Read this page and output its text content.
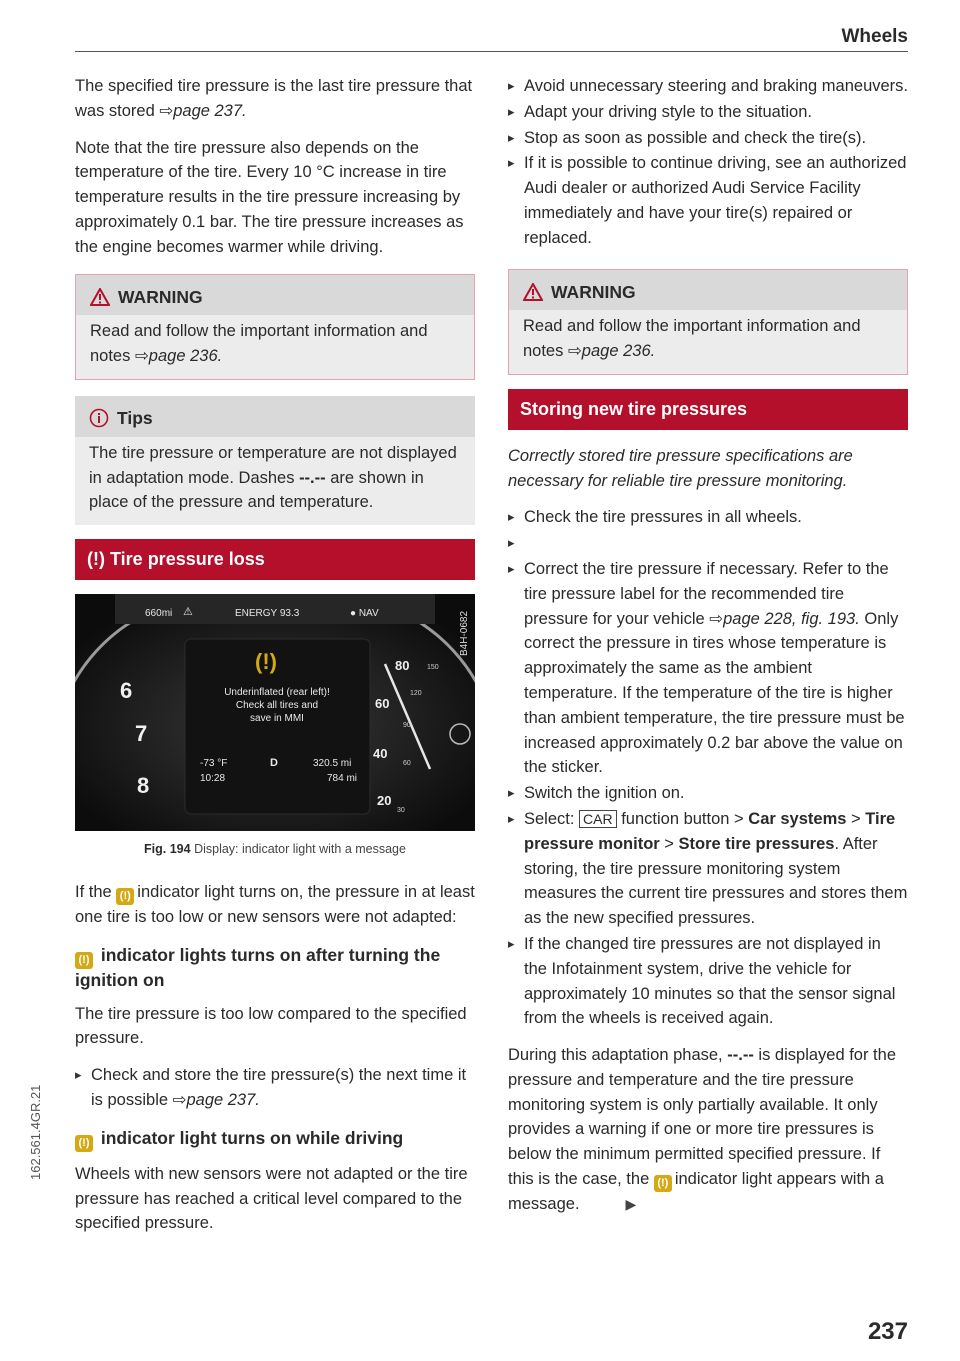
Wheels
162.561.4GR.21
237

The specified tire pressure is the last tire pressure that was stored ⇨page 237.

Note that the tire pressure also depends on the temperature of the tire. Every 10 °C increase in tire temperature results in the tire pressure increasing by approximately 0.1 bar. The tire pressure increases as the engine becomes warmer while driving.

WARNING
Read and follow the important information and notes ⇨page 236.
Tips
The tire pressure or temperature are not displayed in adaptation mode. Dashes --.-- are shown in place of the pressure and temperature.
(!) Tire pressure loss
660mi ⚠	ENERGY 93.3	● NAV
(!)
Underinflated (rear left)!
Check all tires and
save in MMI
-73 °F	D	320.5 mi
10:28	784 mi
6
7
8
80
60
40
20
150
120
90
60
30
B4H-0682
Fig. 194 Display: indicator light with a message

If the (!) indicator light turns on, the pressure in at least one tire is too low or new sensors were not adapted:

(!) indicator lights turns on after turning the ignition on

The tire pressure is too low compared to the specified pressure.

▸ Check and store the tire pressure(s) the next time it is possible ⇨page 237.
(!) indicator light turns on while driving

Wheels with new sensors were not adapted or the tire pressure has reached a critical level compared to the specified pressure.

▸ Avoid unnecessary steering and braking maneuvers.
▸ Adapt your driving style to the situation.
▸ Stop as soon as possible and check the tire(s).
▸ If it is possible to continue driving, see an authorized Audi dealer or authorized Audi Service Facility immediately and have your tire(s) repaired or replaced.
WARNING
Read and follow the important information and notes ⇨page 236.
Storing new tire pressures

Correctly stored tire pressure specifications are necessary for reliable tire pressure monitoring.

▸ Check the tire pressures in all wheels.
▸
▸ Correct the tire pressure if necessary. Refer to the tire pressure label for the recommended tire pressure for your vehicle ⇨page 228, fig. 193. Only correct the pressure in tires whose temperature is approximately the same as the ambient temperature. If the temperature of the tire is higher than ambient temperature, the tire pressure must be increased approximately 0.2 bar above the value on the sticker.
▸ Switch the ignition on.
▸ Select: CAR function button > Car systems > Tire pressure monitor > Store tire pressures. After storing, the tire pressure monitoring system measures the current tire pressures and stores them as the new specified pressures.
▸ If the changed tire pressures are not displayed in the Infotainment system, drive the vehicle for approximately 10 minutes so that the sensor signal from the wheels is received again.

During this adaptation phase, --.-- is displayed for the pressure and temperature and the tire pressure monitoring system is only partially available. It only provides a warning if one or more tire pressures is below the minimum permitted specified pressure. If this is the case, the (!) indicator light appears with a message.	▶
